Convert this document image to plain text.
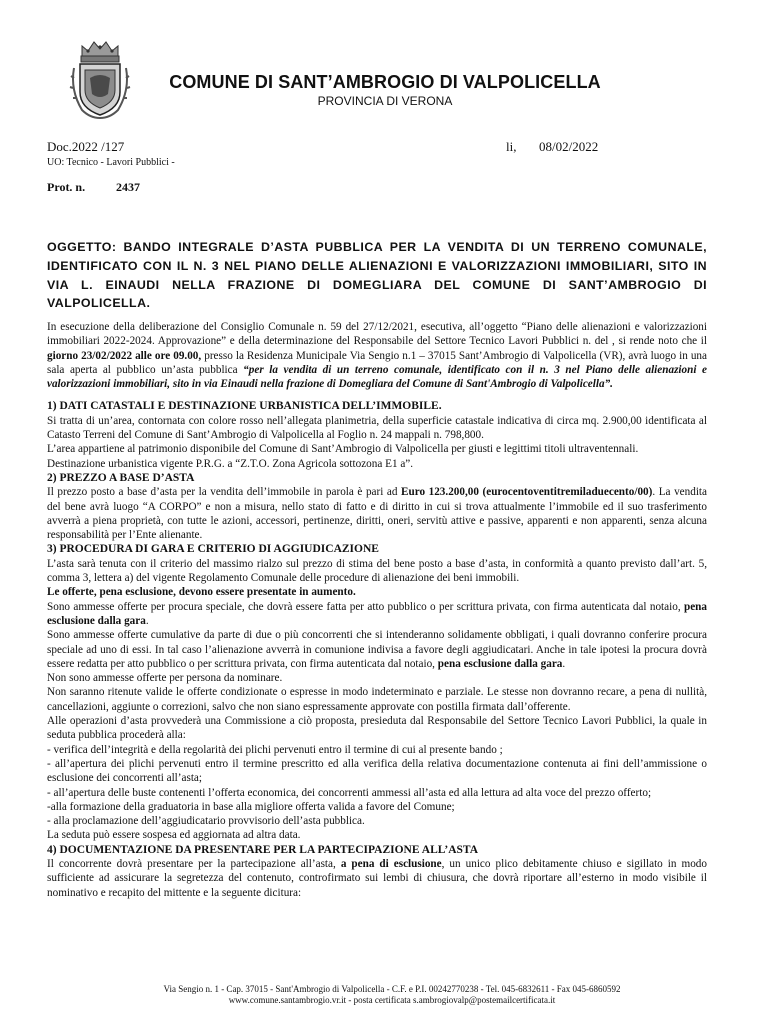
COMUNE DI SANT’AMBROGIO DI VALPOLICELLA
PROVINCIA DI VERONA
Doc.2022 /127	li, 08/02/2022
UO: Tecnico - Lavori Pubblici -
Prot. n.	2437
OGGETTO: BANDO INTEGRALE D’ASTA PUBBLICA PER LA VENDITA DI UN TERRENO COMUNALE, IDENTIFICATO CON IL N. 3 NEL PIANO DELLE ALIENAZIONI E VALORIZZAZIONI IMMOBILIARI, SITO IN VIA L. EINAUDI NELLA FRAZIONE DI DOMEGLIARA DEL COMUNE DI SANT’AMBROGIO DI VALPOLICELLA.

In esecuzione della deliberazione del Consiglio Comunale n. 59 del 27/12/2021, esecutiva, all’oggetto “Piano delle alienazioni e valorizzazioni immobiliari 2022-2024. Approvazione” e della determinazione del Responsabile del Settore Tecnico Lavori Pubblici n. del , si rende noto che il giorno 23/02/2022 alle ore 09.00, presso la Residenza Municipale Via Sengio n.1 – 37015 Sant’Ambrogio di Valpolicella (VR), avrà luogo in una sala aperta al pubblico un’asta pubblica “per la vendita di un terreno comunale, identificato con il n. 3 nel Piano delle alienazioni e valorizzazioni immobiliari, sito in via Einaudi nella frazione di Domegliara del Comune di Sant'Ambrogio di Valpolicella”.

1) DATI CATASTALI E DESTINAZIONE URBANISTICA DELL’IMMOBILE.

Si tratta di un’area, contornata con colore rosso nell’allegata planimetria, della superficie catastale indicativa di circa mq. 2.900,00 identificata al Catasto Terreni del Comune di Sant’Ambrogio di Valpolicella al Foglio n. 24 mappali n. 798,800.

L’area appartiene al patrimonio disponibile del Comune di Sant’Ambrogio di Valpolicella per giusti e legittimi titoli ultraventennali.

Destinazione urbanistica vigente P.R.G. a “Z.T.O. Zona Agricola sottozona E1 a”.

2) PREZZO A BASE D’ASTA

Il prezzo posto a base d’asta per la vendita dell’immobile in parola è pari ad Euro 123.200,00 (eurocentoventitremiladuecento/00). La vendita del bene avrà luogo “A CORPO” e non a misura, nello stato di fatto e di diritto in cui si trova attualmente l’immobile ed il suo trasferimento avverrà a piena proprietà, con tutte le azioni, accessori, pertinenze, diritti, oneri, servitù attive e passive, apparenti e non apparenti, senza alcuna responsabilità per l’Ente alienante.

3) PROCEDURA DI GARA E CRITERIO DI AGGIUDICAZIONE

L’asta sarà tenuta con il criterio del massimo rialzo sul prezzo di stima del bene posto a base d’asta, in conformità a quanto previsto dall’art. 5, comma 3, lettera a) del vigente Regolamento Comunale delle procedure di alienazione dei beni immobili.

Le offerte, pena esclusione, devono essere presentate in aumento.

Sono ammesse offerte per procura speciale, che dovrà essere fatta per atto pubblico o per scrittura privata, con firma autenticata dal notaio, pena esclusione dalla gara.

Sono ammesse offerte cumulative da parte di due o più concorrenti che si intenderanno solidamente obbligati, i quali dovranno conferire procura speciale ad uno di essi. In tal caso l’alienazione avverrà in comunione indivisa a favore degli aggiudicatari. Anche in tale ipotesi la procura dovrà essere redatta per atto pubblico o per scrittura privata, con firma autenticata dal notaio, pena esclusione dalla gara.

Non sono ammesse offerte per persona da nominare.

Non saranno ritenute valide le offerte condizionate o espresse in modo indeterminato e parziale. Le stesse non dovranno recare, a pena di nullità, cancellazioni, aggiunte o correzioni, salvo che non siano espressamente approvate con postilla firmata dall’offerente.

Alle operazioni d’asta provvederà una Commissione a ciò proposta, presieduta dal Responsabile del Settore Tecnico Lavori Pubblici, la quale in seduta pubblica procederà alla:

- verifica dell’integrità e della regolarità dei plichi pervenuti entro il termine di cui al presente bando ;

- all’apertura dei plichi pervenuti entro il termine prescritto ed alla verifica della relativa documentazione contenuta ai fini dell’ammissione o esclusione dei concorrenti all’asta;

- all’apertura delle buste contenenti l’offerta economica, dei concorrenti ammessi all’asta ed alla lettura ad alta voce del prezzo offerto;

-alla formazione della graduatoria in base alla migliore offerta valida a favore del Comune;

- alla proclamazione dell’aggiudicatario provvisorio dell’asta pubblica.

La seduta può essere sospesa ed aggiornata ad altra data.

4) DOCUMENTAZIONE DA PRESENTARE PER LA PARTECIPAZIONE ALL’ASTA

Il concorrente dovrà presentare per la partecipazione all’asta, a pena di esclusione, un unico plico debitamente chiuso e sigillato in modo sufficiente ad assicurare la segretezza del contenuto, controfirmato sui lembi di chiusura, che dovrà riportare all’esterno in modo visibile il nominativo e recapito del mittente e la seguente dicitura:

Via Sengio n. 1 - Cap. 37015 - Sant'Ambrogio di Valpolicella - C.F. e P.I. 00242770238 - Tel. 045-6832611 - Fax 045-6860592
www.comune.santambrogio.vr.it - posta certificata s.ambrogiovalp@postemailcertificata.it
